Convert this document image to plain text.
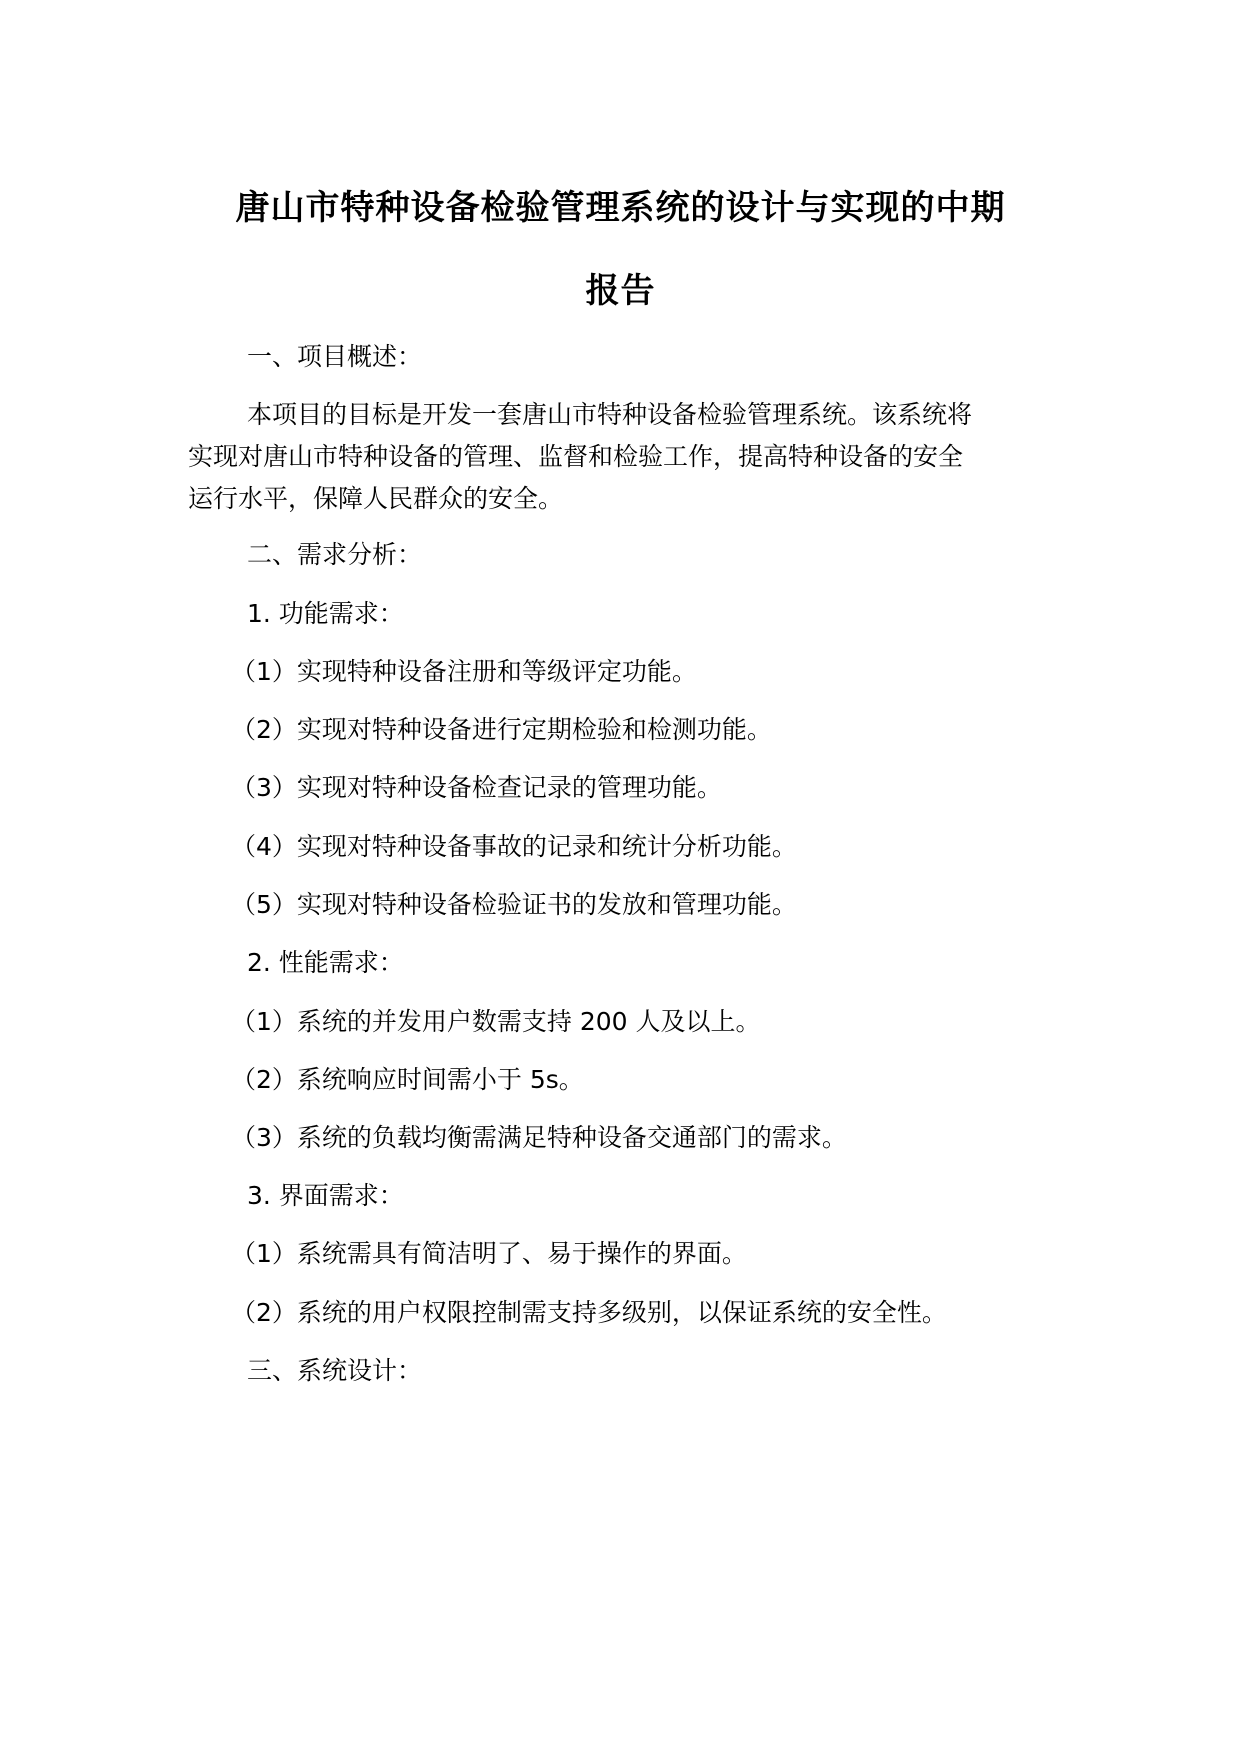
唐山市特种设备检验管理系统的设计与实现的中期
报告
一、项目概述：
本项目的目标是开发一套唐山市特种设备检验管理系统。该系统将
实现对唐山市特种设备的管理、监督和检验工作，提高特种设备的安全
运行水平，保障人民群众的安全。
二、需求分析：
1. 功能需求：
（1）实现特种设备注册和等级评定功能。
（2）实现对特种设备进行定期检验和检测功能。
（3）实现对特种设备检查记录的管理功能。
（4）实现对特种设备事故的记录和统计分析功能。
（5）实现对特种设备检验证书的发放和管理功能。
2. 性能需求：
（1）系统的并发用户数需支持 200 人及以上。
（2）系统响应时间需小于 5s。
（3）系统的负载均衡需满足特种设备交通部门的需求。
3. 界面需求：
（1）系统需具有简洁明了、易于操作的界面。
（2）系统的用户权限控制需支持多级别，以保证系统的安全性。
三、系统设计：
